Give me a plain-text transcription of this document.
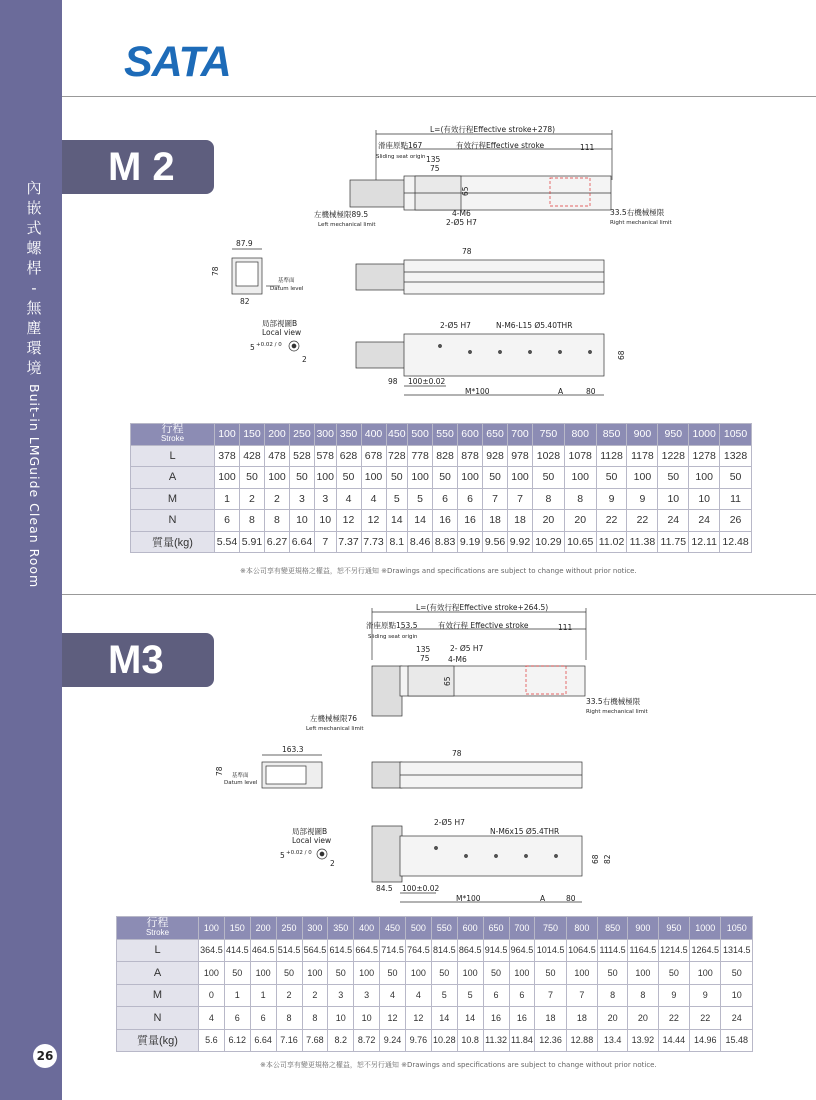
內
嵌
式
螺
桿
-
無
塵
環
境
Buit-in LMGuide Clean Room
26
SATA
M 2
L=(有效行程Effective stroke+278)
滑座原點167
Sliding seat origin
有效行程Effective stroke	111
135
75
65
左機械極限89.5
Left mechanical limit
4-M6
2-Ø5 H7
33.5右機械極限
Right mechanical limit
78
2-Ø5 H7	N-M6-L15 Ø5.40THR
68
98 100±0.02
M*100	A	80
87.9
78
基準面
Datum level
82
局部視圖B
Local view
5 +0.02 / 0
2
行程
Stroke	100	150	200	250	300	350	400	450	500	550	600	650	700	750	800	850	900	950	1000	1050
L	378	428	478	528	578	628	678	728	778	828	878	928	978	1028	1078	1128	1178	1228	1278	1328
A	100	50	100	50	100	50	100	50	100	50	100	50	100	50	100	50	100	50	100	50
M	1	2	2	3	3	4	4	5	5	6	6	7	7	8	8	9	9	10	10	11
N	6	8	8	10	10	12	12	14	14	16	16	18	18	20	20	22	22	24	24	26
質量(kg)	5.54	5.91	6.27	6.64	7	7.37	7.73	8.1	8.46	8.83	9.19	9.56	9.92	10.29	10.65	11.02	11.38	11.75	12.11	12.48
※本公司享有變更規格之權益，恕不另行通知 ※Drawings and specifications are subject to change without prior notice.
M3
L=(有效行程Effective stroke+264.5)
滑座原點153.5
Sliding seat origin
有效行程 Effective stroke	111
135
75
2- Ø5 H7
4-M6
65
33.5右機械極限
Right mechanical limit
左機械極限76
Left mechanical limit
78
2-Ø5 H7
N-M6x15 Ø5.4THR
68 82
84.5 100±0.02
M*100	A	80
163.3
78 基準面
Datum level
局部視圖B
Local view
5 +0.02 / 0
2
行程
Stroke	100	150	200	250	300	350	400	450	500	550	600	650	700	750	800	850	900	950	1000	1050
L	364.5	414.5	464.5	514.5	564.5	614.5	664.5	714.5	764.5	814.5	864.5	914.5	964.5	1014.5	1064.5	1114.5	1164.5	1214.5	1264.5	1314.5
A	100	50	100	50	100	50	100	50	100	50	100	50	100	50	100	50	100	50	100	50
M	0	1	1	2	2	3	3	4	4	5	5	6	6	7	7	8	8	9	9	10
N	4	6	6	8	8	10	10	12	12	14	14	16	16	18	18	20	20	22	22	24
質量(kg)	5.6	6.12	6.64	7.16	7.68	8.2	8.72	9.24	9.76	10.28	10.8	11.32	11.84	12.36	12.88	13.4	13.92	14.44	14.96	15.48
※本公司享有變更規格之權益，恕不另行通知 ※Drawings and specifications are subject to change without prior notice.
